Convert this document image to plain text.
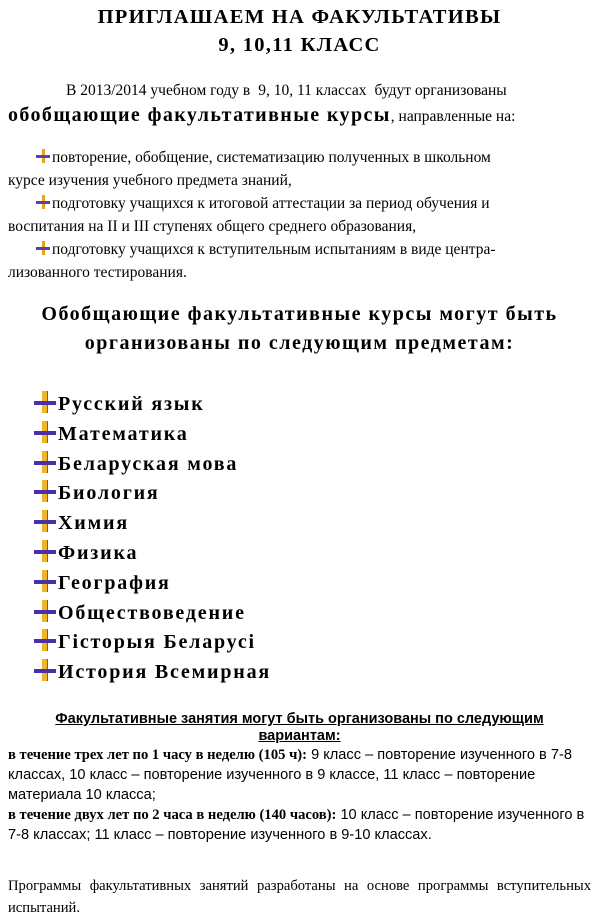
ПРИГЛАШАЕМ НА ФАКУЛЬТАТИВЫ
9, 10,11 КЛАСС
В 2013/2014 учебном году в 9, 10, 11 классах будут организованы
обобщающие факультативные курсы, направленные на:
повторение, обобщение, систематизацию полученных в школьном
курсе изучения учебного предмета знаний,
подготовку учащихся к итоговой аттестации за период обучения и
воспитания на II и III ступенях общего среднего образования,
подготовку учащихся к вступительным испытаниям в виде центра-
лизованного тестирования.
Обобщающие факультативные курсы могут быть
организованы по следующим предметам:
Русский язык
Математика
Беларуская мова
Биология
Химия
Физика
География
Обществоведение
Гісторыя Беларусі
История Всемирная
Факультативные занятия могут быть организованы по следующим
вариантам:
в течение трех лет по 1 часу в неделю (105 ч): 9 класс – повторение изученного в 7-8 классах, 10 класс – повторение изученного в 9 классе, 11 класс – повторение материала 10 класса;
в течение двух лет по 2 часа в неделю (140 часов): 10 класс – повторение изученного в 7-8 классах; 11 класс – повторение изученного в 9-10 классах.
Программы факультативных занятий разработаны на основе программы вступительных испытаний.
